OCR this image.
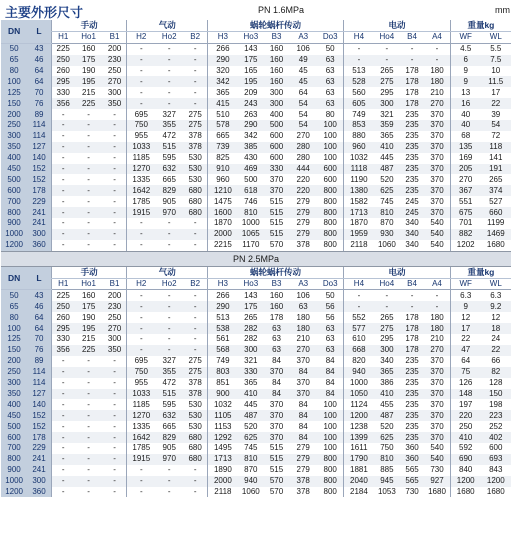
主要外形尺寸	PN 1.6MPa	mm
DN	L	手动			气动			蜗轮蜗杆传动					电动				重量kg	
		H1	Ho1	B1	H2	Ho2	B2	H3	Ho3	B3	A3	Do3	H4	Ho4	B4	A4	WF	WL
50	43	225	160	200	-	-	-	266	143	160	106	50	-	-	-	-	4.5	5.5
65	46	250	175	230	-	-	-	290	175	160	49	63	-	-	-	-	6	7.5
80	64	260	190	250	-	-	-	320	165	160	45	63	513	265	178	180	9	10
100	64	295	195	270	-	-	-	342	195	160	45	63	528	275	178	180	9	11.5
125	70	330	215	300	-	-	-	365	209	300	64	63	560	295	178	210	13	17
150	76	356	225	350	-	-	-	415	243	300	54	63	605	300	178	270	16	22
200	89	-	-	-	695	327	275	510	263	400	54	80	749	321	235	370	40	39
250	114	-	-	-	750	355	275	578	290	500	54	100	853	359	235	370	40	54
300	114	-	-	-	955	472	378	665	342	600	270	100	880	365	235	370	68	72
350	127	-	-	-	1033	515	378	739	385	600	280	100	960	410	235	370	135	118
400	140	-	-	-	1185	595	530	825	430	600	280	100	1032	445	235	370	169	141
450	152	-	-	-	1270	632	530	910	469	330	444	600	1118	487	235	370	205	191
500	152	-	-	-	1335	665	530	960	500	370	220	600	1190	520	235	370	270	265
600	178	-	-	-	1642	829	680	1210	618	370	220	800	1380	625	235	370	367	374
700	229	-	-	-	1785	905	680	1475	746	515	279	800	1582	745	245	370	551	527
800	241	-	-	-	1915	970	680	1600	810	515	279	800	1713	810	245	370	675	660
900	241	-	-	-	-	-	-	1870	1000	515	279	800	1870	870	340	540	701	1199
1000	300	-	-	-	-	-	-	2000	1065	515	279	800	1959	930	340	540	882	1469
1200	360	-	-	-	-	-	-	2215	1170	570	378	800	2118	1060	340	540	1202	1680
PN 2.5MPa
DN	L	手动			气动			蜗轮蜗杆传动					电动				重量kg	
		H1	Ho1	B1	H2	Ho2	B2	H3	Ho3	B3	A3	Do3	H4	Ho4	B4	A4	WF	WL
50	43	225	160	200	-	-	-	266	143	160	106	50	-	-	-	-	6.3	6.3
65	46	250	175	230	-	-	-	290	175	160	63	56	-	-	-	-	9	9.2
80	64	260	190	250	-	-	-	513	265	178	180	56	552	265	178	180	12	12
100	64	295	195	270	-	-	-	538	282	63	180	63	577	275	178	180	17	18
125	70	330	215	300	-	-	-	561	282	63	210	63	610	295	178	210	22	24
150	76	356	225	350	-	-	-	568	300	63	270	63	668	300	178	270	47	22
200	89	-	-	-	695	327	275	749	321	84	370	84	820	340	235	370	64	66
250	114	-	-	-	750	355	275	803	330	370	84	84	940	365	235	370	75	82
300	114	-	-	-	955	472	378	851	365	84	370	84	1000	386	235	370	126	128
350	127	-	-	-	1033	515	378	900	410	84	370	84	1050	410	235	370	148	150
400	140	-	-	-	1185	595	530	1032	445	370	84	100	1124	455	235	370	197	198
450	152	-	-	-	1270	632	530	1105	487	370	84	100	1200	487	235	370	220	223
500	152	-	-	-	1335	665	530	1153	520	370	84	100	1238	520	235	370	250	252
600	178	-	-	-	1642	829	680	1292	625	370	84	100	1399	625	235	370	410	402
700	229	-	-	-	1785	905	680	1495	745	515	279	100	1611	750	360	540	592	600
800	241	-	-	-	1915	970	680	1713	810	515	279	800	1790	810	360	540	690	693
900	241	-	-	-	-	-	-	1890	870	515	279	800	1881	885	565	730	840	843
1000	300	-	-	-	-	-	-	2000	940	570	378	800	2040	945	565	927	1200	1200
1200	360	-	-	-	-	-	-	2118	1060	570	378	800	2184	1053	730	1680	1680	1680
